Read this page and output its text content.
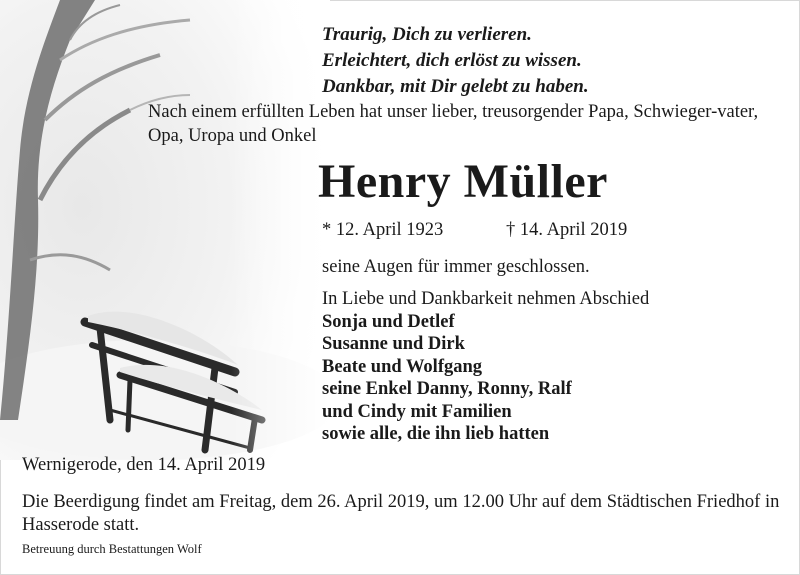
Traurig, Dich zu verlieren.
Erleichtert, dich erlöst zu wissen.
Dankbar, mit Dir gelebt zu haben.
Nach einem erfüllten Leben hat unser lieber, treusorgender Papa, Schwieger-vater, Opa, Uropa und Onkel
Henry Müller
* 12. April 1923	† 14. April 2019
seine Augen für immer geschlossen.
In Liebe und Dankbarkeit nehmen Abschied
Sonja und Detlef
Susanne und Dirk
Beate und Wolfgang
seine Enkel Danny, Ronny, Ralf
und Cindy mit Familien
sowie alle, die ihn lieb hatten
Wernigerode, den 14. April 2019
Die Beerdigung findet am Freitag, dem 26. April 2019, um 12.00 Uhr auf dem Städtischen Friedhof in Hasserode statt.
Betreuung durch Bestattungen Wolf
